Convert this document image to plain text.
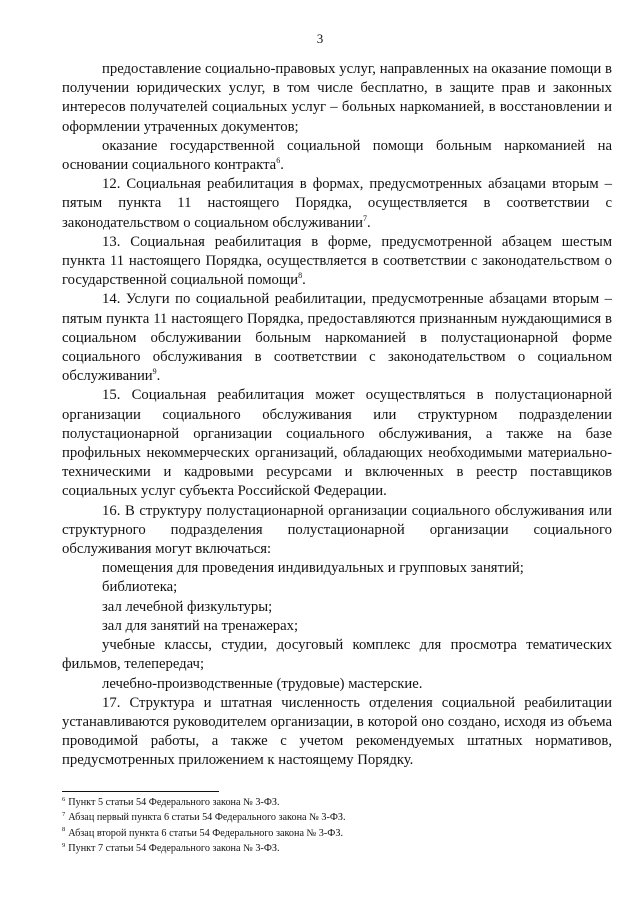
3

предоставление социально-правовых услуг, направленных на оказание помощи в получении юридических услуг, в том числе бесплатно, в защите прав и законных интересов получателей социальных услуг – больных наркоманией, в восстановлении и оформлении утраченных документов;

оказание государственной социальной помощи больным наркоманией на основании социального контракта$^6$.

12. Социальная реабилитация в формах, предусмотренных абзацами вторым – пятым пункта 11 настоящего Порядка, осуществляется в соответствии с законодательством о социальном обслуживании$^7$.

13. Социальная реабилитация в форме, предусмотренной абзацем шестым пункта 11 настоящего Порядка, осуществляется в соответствии с законодательством о государственной социальной помощи$^8$.

14. Услуги по социальной реабилитации, предусмотренные абзацами вторым – пятым пункта 11 настоящего Порядка, предоставляются признанным нуждающимися в социальном обслуживании больным наркоманией в полустационарной форме социального обслуживания в соответствии с законодательством о социальном обслуживании$^9$.

15. Социальная реабилитация может осуществляться в полустационарной организации социального обслуживания или структурном подразделении полустационарной организации социального обслуживания, а также на базе профильных некоммерческих организаций, обладающих необходимыми материально-техническими и кадровыми ресурсами и включенных в реестр поставщиков социальных услуг субъекта Российской Федерации.

16. В структуру полустационарной организации социального обслуживания или структурного подразделения полустационарной организации социального обслуживания могут включаться:

помещения для проведения индивидуальных и групповых занятий;

библиотека;

зал лечебной физкультуры;

зал для занятий на тренажерах;

учебные классы, студии, досуговый комплекс для просмотра тематических фильмов, телепередач;

лечебно-производственные (трудовые) мастерские.

17. Структура и штатная численность отделения социальной реабилитации устанавливаются руководителем организации, в которой оно создано, исходя из объема проводимой работы, а также с учетом рекомендуемых штатных нормативов, предусмотренных приложением к настоящему Порядку.

$^6$ Пункт 5 статьи 54 Федерального закона № 3-ФЗ.

$^7$ Абзац первый пункта 6 статьи 54 Федерального закона № 3-ФЗ.

$^8$ Абзац второй пункта 6 статьи 54 Федерального закона № 3-ФЗ.

$^9$ Пункт 7 статьи 54 Федерального закона № 3-ФЗ.
